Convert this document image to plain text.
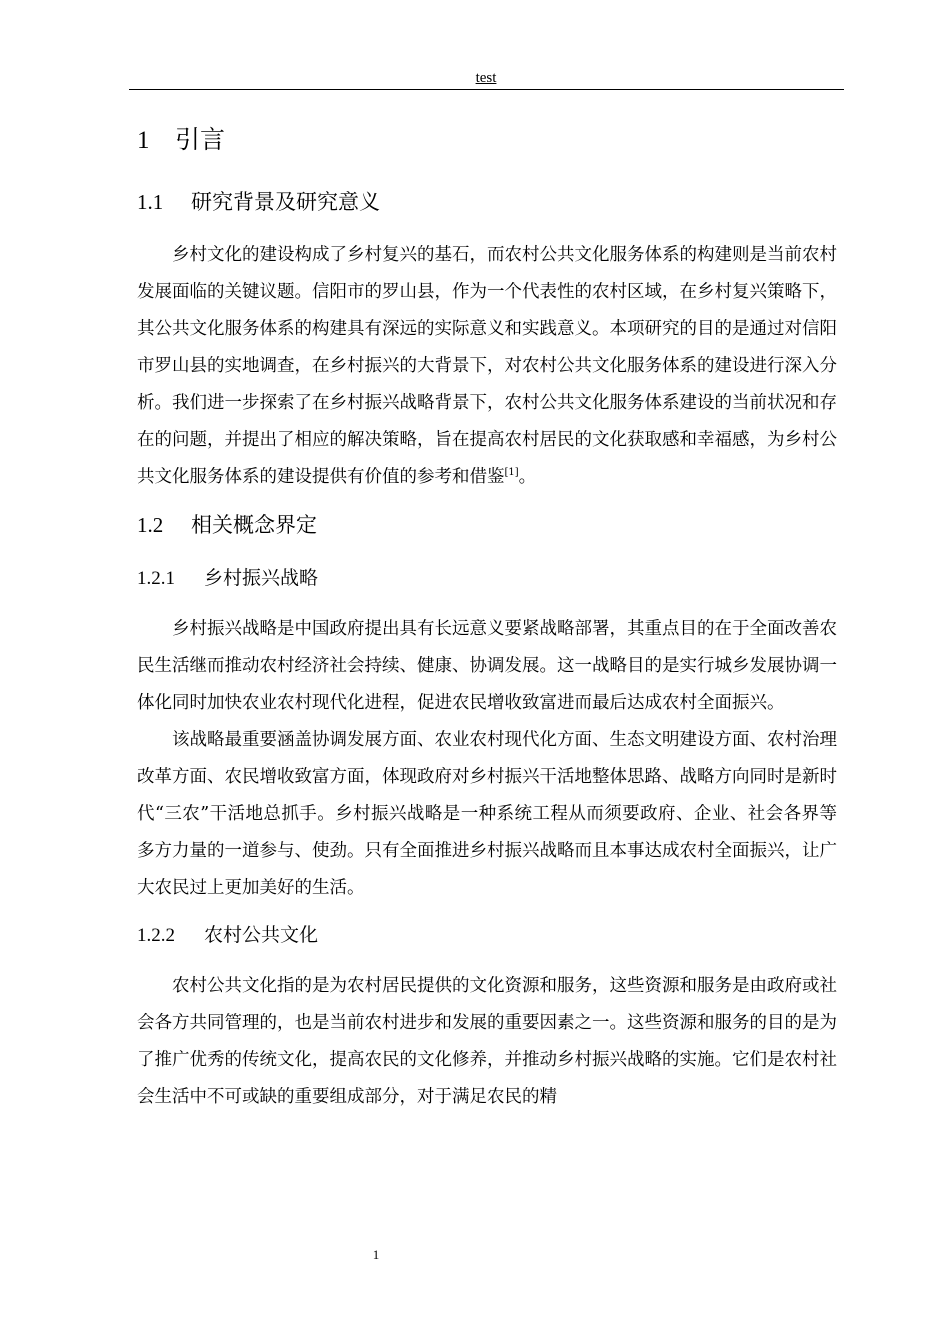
test
1 引言
1.1 研究背景及研究意义

乡村文化的建设构成了乡村复兴的基石，而农村公共文化服务体系的构建则是当前农村发展面临的关键议题。信阳市的罗山县，作为一个代表性的农村区域，在乡村复兴策略下，其公共文化服务体系的构建具有深远的实际意义和实践意义。本项研究的目的是通过对信阳市罗山县的实地调查，在乡村振兴的大背景下，对农村公共文化服务体系的建设进行深入分析。我们进一步探索了在乡村振兴战略背景下，农村公共文化服务体系建设的当前状况和存在的问题，并提出了相应的解决策略，旨在提高农村居民的文化获取感和幸福感，为乡村公共文化服务体系的建设提供有价值的参考和借鉴[1]。

1.2 相关概念界定
1.2.1 乡村振兴战略

乡村振兴战略是中国政府提出具有长远意义要紧战略部署，其重点目的在于全面改善农民生活继而推动农村经济社会持续、健康、协调发展。这一战略目的是实行城乡发展协调一体化同时加快农业农村现代化进程，促进农民增收致富进而最后达成农村全面振兴。

该战略最重要涵盖协调发展方面、农业农村现代化方面、生态文明建设方面、农村治理改革方面、农民增收致富方面，体现政府对乡村振兴干活地整体思路、战略方向同时是新时代“三农”干活地总抓手。乡村振兴战略是一种系统工程从而须要政府、企业、社会各界等多方力量的一道参与、使劲。只有全面推进乡村振兴战略而且本事达成农村全面振兴，让广大农民过上更加美好的生活。

1.2.2 农村公共文化

农村公共文化指的是为农村居民提供的文化资源和服务，这些资源和服务是由政府或社会各方共同管理的，也是当前农村进步和发展的重要因素之一。这些资源和服务的目的是为了推广优秀的传统文化，提高农民的文化修养，并推动乡村振兴战略的实施。它们是农村社会生活中不可或缺的重要组成部分，对于满足农民的精

1
